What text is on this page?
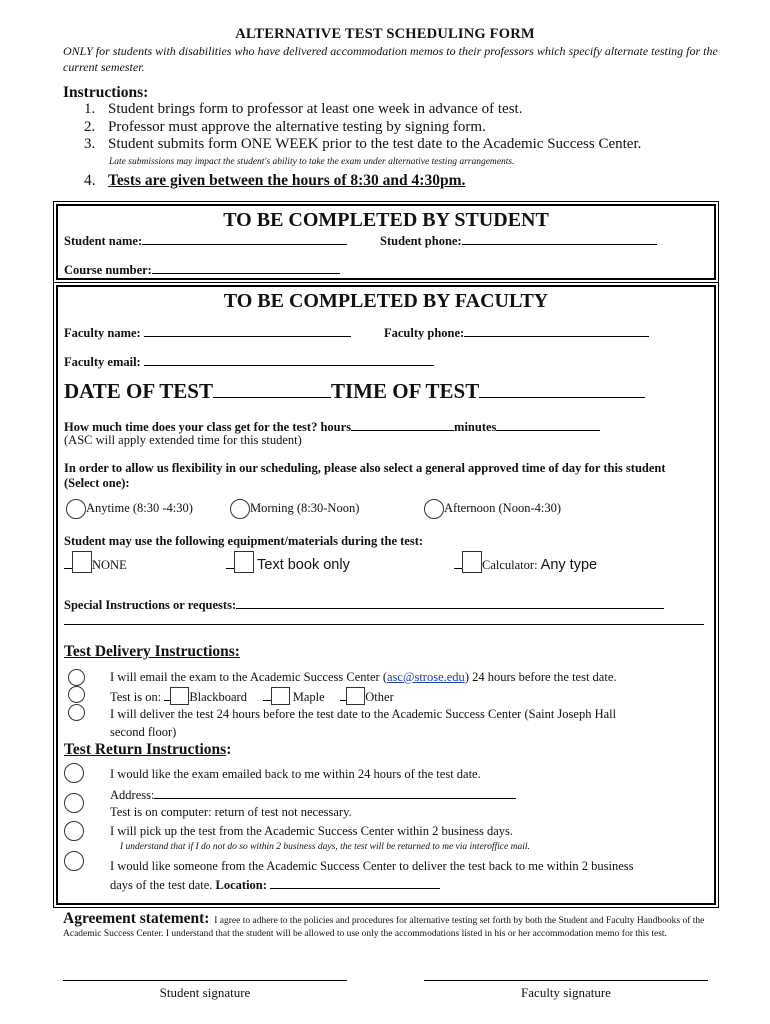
ALTERNATIVE TEST SCHEDULING FORM
ONLY for students with disabilities who have delivered accommodation memos to their professors which specify alternate testing for the current semester.
Instructions:
1. Student brings form to professor at least one week in advance of test.
2. Professor must approve the alternative testing by signing form.
3. Student submits form ONE WEEK prior to the test date to the Academic Success Center.
Late submissions may impact the student's ability to take the exam under alternative testing arrangements.
4. Tests are given between the hours of 8:30 and 4:30pm.
TO BE COMPLETED BY STUDENT
Student name:	Student phone:
Course number:
TO BE COMPLETED BY FACULTY
Faculty name:	Faculty phone:
Faculty email:
DATE OF TEST	TIME OF TEST
How much time does your class get for the test? hours	minutes
(ASC will apply extended time for this student)
In order to allow us flexibility in our scheduling, please also select a general approved time of day for this student (Select one):
Anytime (8:30 -4:30)	Morning (8:30-Noon)	Afternoon (Noon-4:30)
Student may use the following equipment/materials during the test:
NONE	Text book only	Calculator: Any type
Special Instructions or requests:
Test Delivery Instructions:
I will email the exam to the Academic Success Center (asc@strose.edu) 24 hours before the test date.
Test is on: Blackboard	Maple	Other
I will deliver the test 24 hours before the test date to the Academic Success Center (Saint Joseph Hall
second floor)
Test Return Instructions:
I would like the exam emailed back to me within 24 hours of the test date.
Address:
Test is on computer: return of test not necessary.
I will pick up the test from the Academic Success Center within 2 business days.
I understand that if I do not do so within 2 business days, the test will be returned to me via interoffice mail.
I would like someone from the Academic Success Center to deliver the test back to me within 2 business
days of the test date. Location:
Agreement statement: I agree to adhere to the policies and procedures for alternative testing set forth by both the Student and Faculty Handbooks of the Academic Success Center. I understand that the student will be allowed to use only the accommodations listed in his or her accommodation memo for this test.
Student signature	Faculty signature
